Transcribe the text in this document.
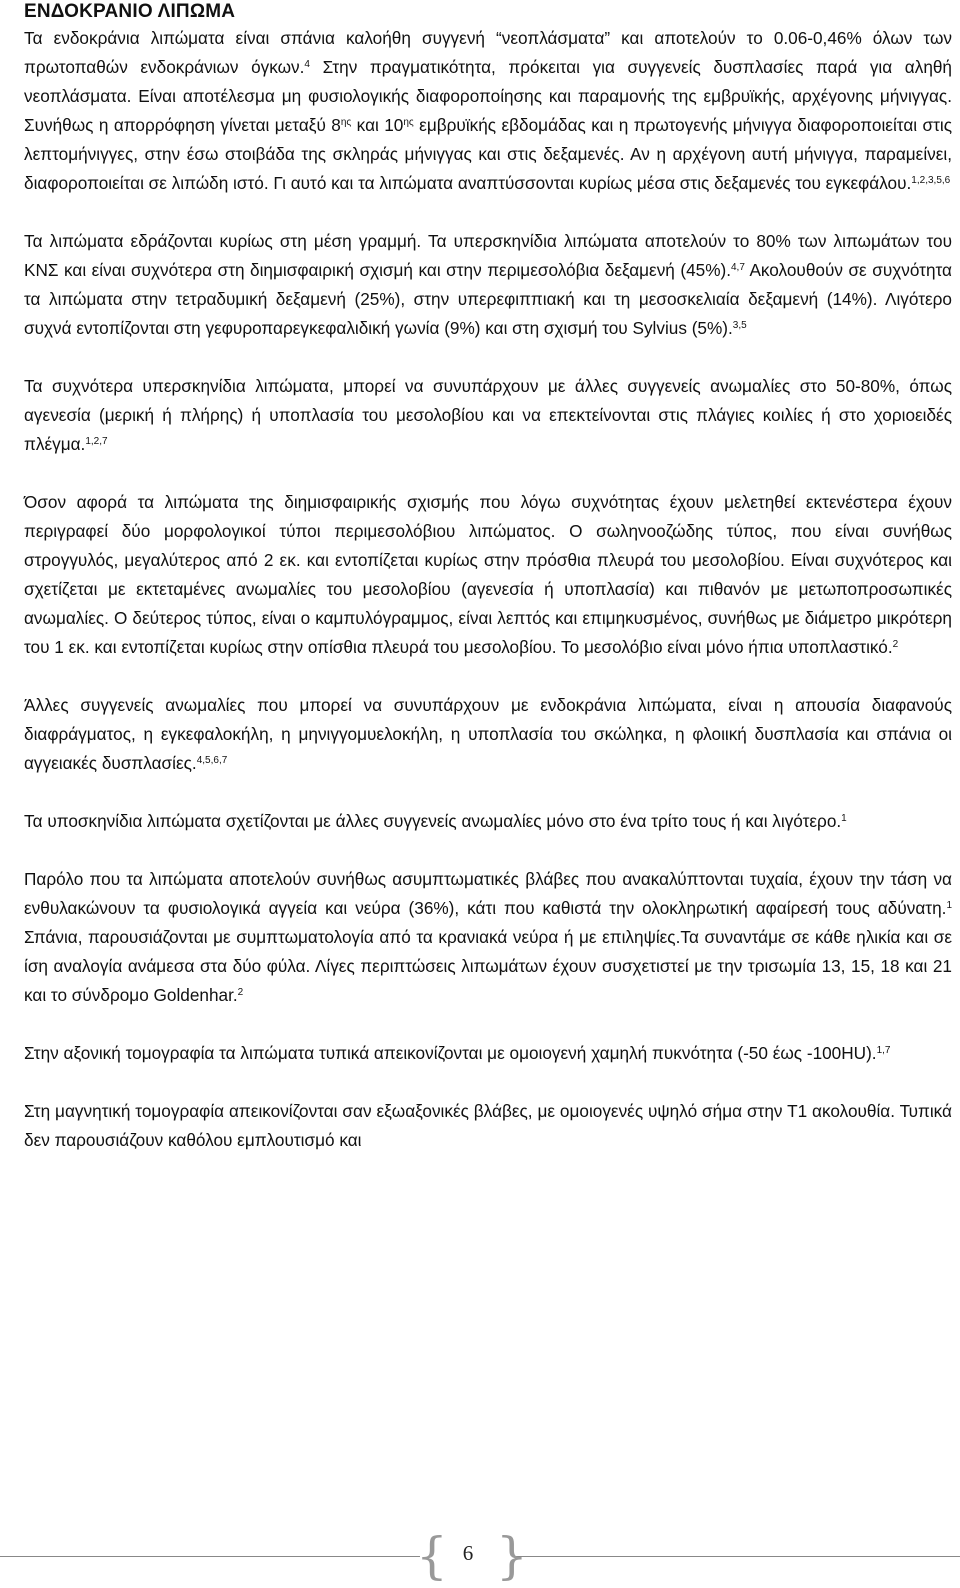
ΕΝΔΟΚΡΑΝΙΟ ΛΙΠΩΜΑ

Τα ενδοκράνια λιπώματα είναι σπάνια καλοήθη συγγενή “νεοπλάσματα” και αποτελούν το 0.06-0,46% όλων των πρωτοπαθών ενδοκράνιων όγκων.$^4$ Στην πραγματικότητα, πρόκειται για συγγενείς δυσπλασίες παρά για αληθή νεοπλάσματα. Είναι αποτέλεσμα μη φυσιολογικής διαφοροποίησης και παραμονής της εμβρυϊκής, αρχέγονης μήνιγγας. Συνήθως η απορρόφηση γίνεται μεταξύ $8^{\eta\varsigma}$ και $10^{\eta\varsigma}$ εμβρυϊκής εβδομάδας και η πρωτογενής μήνιγγα διαφοροποιείται στις λεπτομήνιγγες, στην έσω στοιβάδα της σκληράς μήνιγγας και στις δεξαμενές. Αν η αρχέγονη αυτή μήνιγγα, παραμείνει, διαφοροποιείται σε λιπώδη ιστό. Γι αυτό και τα λιπώματα αναπτύσσονται κυρίως μέσα στις δεξαμενές του εγκεφάλου.$^{1,2,3,5,6}$

Τα λιπώματα εδράζονται κυρίως στη μέση γραμμή. Τα υπερσκηνίδια λιπώματα αποτελούν το 80% των λιπωμάτων του ΚΝΣ και είναι συχνότερα στη διημισφαιρική σχισμή και στην περιμεσολόβια δεξαμενή (45%).$^{4,7}$ Ακολουθούν σε συχνότητα τα λιπώματα στην τετραδυμική δεξαμενή (25%), στην υπερεφιππιακή και τη μεσοσκελιαία δεξαμενή (14%). Λιγότερο συχνά εντοπίζονται στη γεφυροπαρεγκεφαλιδική γωνία (9%) και στη σχισμή του Sylvius (5%).$^{3,5}$

Τα συχνότερα υπερσκηνίδια λιπώματα, μπορεί να συνυπάρχουν με άλλες συγγενείς ανωμαλίες στο 50-80%, όπως αγενεσία (μερική ή πλήρης) ή υποπλασία του μεσολοβίου και να επεκτείνονται στις πλάγιες κοιλίες ή στο χοριοειδές πλέγμα.$^{1,2,7}$

Όσον αφορά τα λιπώματα της διημισφαιρικής σχισμής που λόγω συχνότητας έχουν μελετηθεί εκτενέστερα έχουν περιγραφεί δύο μορφολογικοί τύποι περιμεσολόβιου λιπώματος. Ο σωληνοοζώδης τύπος, που είναι συνήθως στρογγυλός, μεγαλύτερος από 2 εκ. και εντοπίζεται κυρίως στην πρόσθια πλευρά του μεσολοβίου. Είναι συχνότερος και σχετίζεται με εκτεταμένες ανωμαλίες του μεσολοβίου (αγενεσία ή υποπλασία) και πιθανόν με μετωποπροσωπικές ανωμαλίες. Ο δεύτερος τύπος, είναι ο καμπυλόγραμμος, είναι λεπτός και επιμηκυσμένος, συνήθως με διάμετρο μικρότερη του 1 εκ. και εντοπίζεται κυρίως στην οπίσθια πλευρά του μεσολοβίου. Το μεσολόβιο είναι μόνο ήπια υποπλαστικό.$^2$

Άλλες συγγενείς ανωμαλίες που μπορεί να συνυπάρχουν με ενδοκράνια λιπώματα, είναι η απουσία διαφανούς διαφράγματος, η εγκεφαλοκήλη, η μηνιγγομυελοκήλη, η υποπλασία του σκώληκα, η φλοιική δυσπλασία και σπάνια οι αγγειακές δυσπλασίες.$^{4,5,6,7}$

Τα υποσκηνίδια λιπώματα σχετίζονται με άλλες συγγενείς ανωμαλίες μόνο στο ένα τρίτο τους ή και λιγότερο.$^1$

Παρόλο που τα λιπώματα αποτελούν συνήθως ασυμπτωματικές βλάβες που ανακαλύπτονται τυχαία, έχουν την τάση να ενθυλακώνουν τα φυσιολογικά αγγεία και νεύρα (36%), κάτι που καθιστά την ολοκληρωτική αφαίρεσή τους αδύνατη.$^1$ Σπάνια, παρουσιάζονται με συμπτωματολογία από τα κρανιακά νεύρα ή με επιληψίες.Τα συναντάμε σε κάθε ηλικία και σε ίση αναλογία ανάμεσα στα δύο φύλα. Λίγες περιπτώσεις λιπωμάτων έχουν συσχετιστεί με την τρισωμία 13, 15, 18 και 21 και το σύνδρομο Goldenhar.$^2$

Στην αξονική τομογραφία τα λιπώματα τυπικά απεικονίζονται με ομοιογενή χαμηλή πυκνότητα (-50 έως -100HU).$^{1,7}$

Στη μαγνητική τομογραφία απεικονίζονται σαν εξωαξονικές βλάβες, με ομοιογενές υψηλό σήμα στην Τ1 ακολουθία. Τυπικά δεν παρουσιάζουν καθόλου εμπλουτισμό και

{ 6 }
